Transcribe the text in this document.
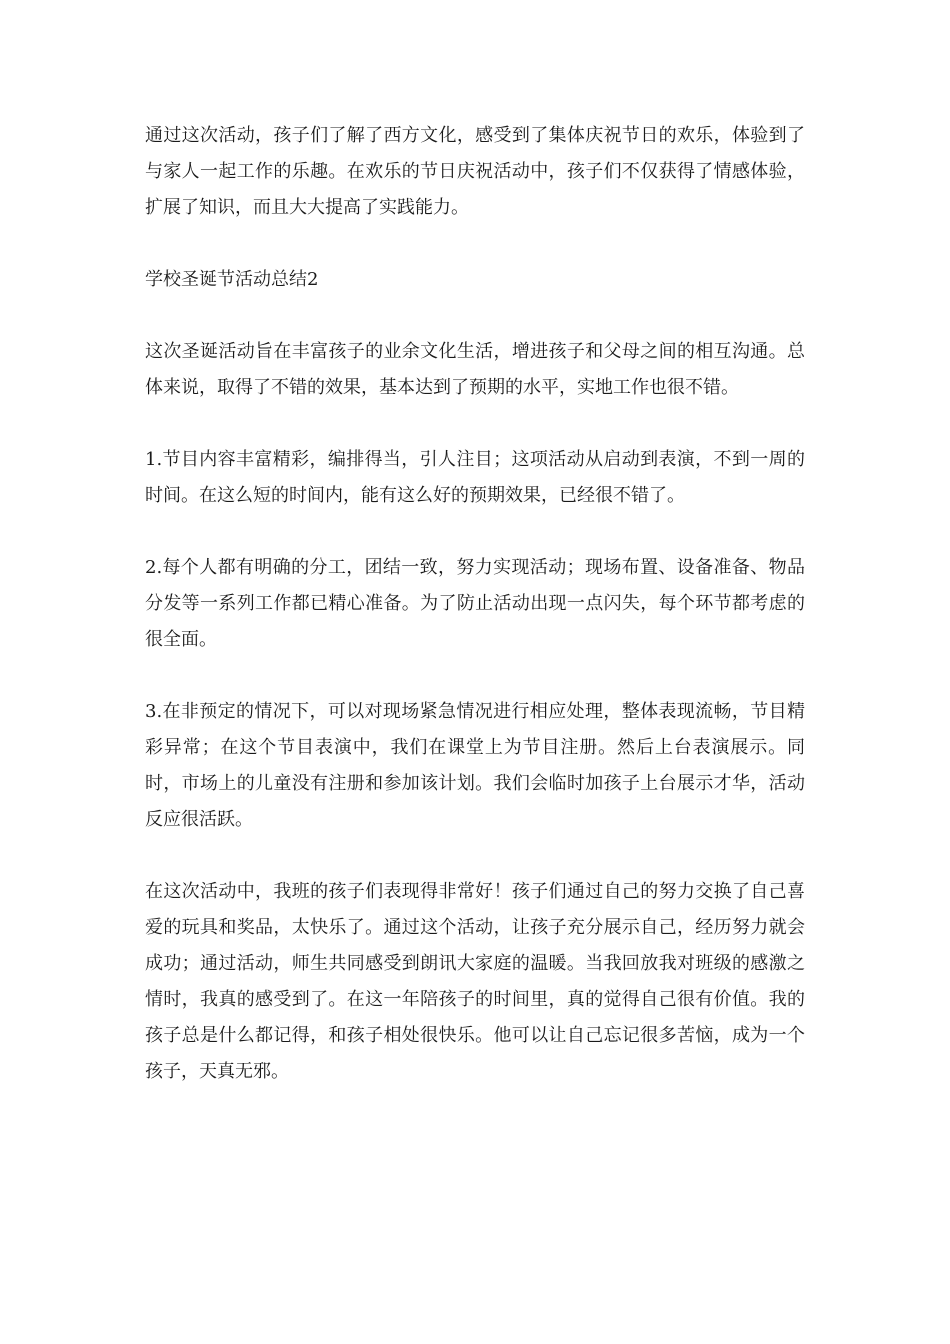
通过这次活动，孩子们了解了西方文化，感受到了集体庆祝节日的欢乐，体验到了与家人一起工作的乐趣。在欢乐的节日庆祝活动中，孩子们不仅获得了情感体验，扩展了知识，而且大大提高了实践能力。

学校圣诞节活动总结2

这次圣诞活动旨在丰富孩子的业余文化生活，增进孩子和父母之间的相互沟通。总体来说，取得了不错的效果，基本达到了预期的水平，实地工作也很不错。

1.节目内容丰富精彩，编排得当，引人注目；这项活动从启动到表演，不到一周的时间。在这么短的时间内，能有这么好的预期效果，已经很不错了。

2.每个人都有明确的分工，团结一致，努力实现活动；现场布置、设备准备、物品分发等一系列工作都已精心准备。为了防止活动出现一点闪失，每个环节都考虑的很全面。

3.在非预定的情况下，可以对现场紧急情况进行相应处理，整体表现流畅，节目精彩异常；在这个节目表演中，我们在课堂上为节目注册。然后上台表演展示。同时，市场上的儿童没有注册和参加该计划。我们会临时加孩子上台展示才华，活动反应很活跃。

在这次活动中，我班的孩子们表现得非常好！孩子们通过自己的努力交换了自己喜爱的玩具和奖品，太快乐了。通过这个活动，让孩子充分展示自己，经历努力就会成功；通过活动，师生共同感受到朗讯大家庭的温暖。当我回放我对班级的感激之情时，我真的感受到了。在这一年陪孩子的时间里，真的觉得自己很有价值。我的孩子总是什么都记得，和孩子相处很快乐。他可以让自己忘记很多苦恼，成为一个孩子，天真无邪。
